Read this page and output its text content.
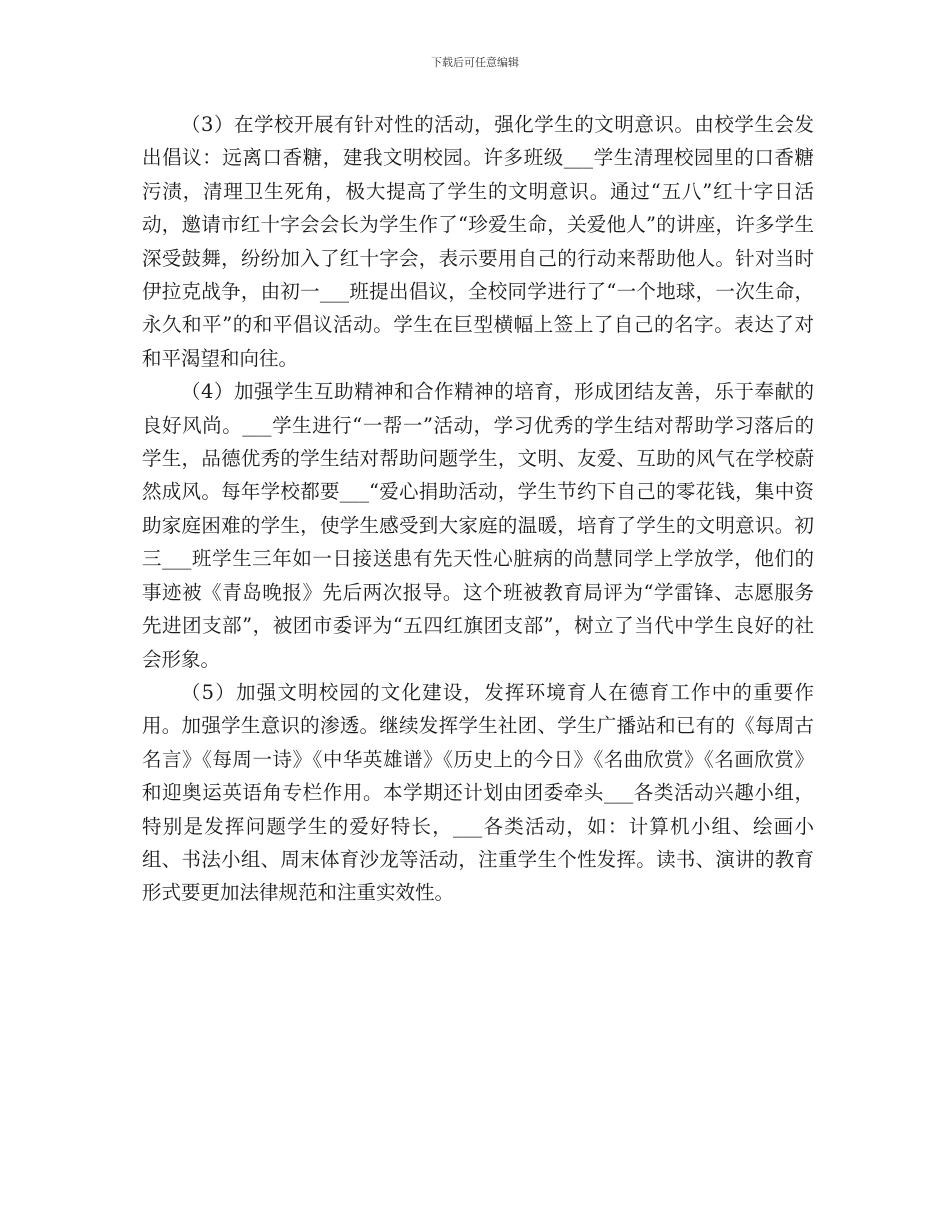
下载后可任意编辑

（3）在学校开展有针对性的活动，强化学生的文明意识。由校学生会发出倡议：远离口香糖，建我文明校园。许多班级___学生清理校园里的口香糖污渍，清理卫生死角，极大提高了学生的文明意识。通过“五八”红十字日活动，邀请市红十字会会长为学生作了“珍爱生命，关爱他人”的讲座，许多学生深受鼓舞，纷纷加入了红十字会，表示要用自己的行动来帮助他人。针对当时伊拉克战争，由初一___班提出倡议，全校同学进行了“一个地球，一次生命，永久和平”的和平倡议活动。学生在巨型横幅上签上了自己的名字。表达了对和平渴望和向往。

（4）加强学生互助精神和合作精神的培育，形成团结友善，乐于奉献的良好风尚。___学生进行“一帮一”活动，学习优秀的学生结对帮助学习落后的学生，品德优秀的学生结对帮助问题学生，文明、友爱、互助的风气在学校蔚然成风。每年学校都要___“爱心捐助活动，学生节约下自己的零花钱，集中资助家庭困难的学生，使学生感受到大家庭的温暖，培育了学生的文明意识。初三___班学生三年如一日接送患有先天性心脏病的尚慧同学上学放学，他们的事迹被《青岛晚报》先后两次报导。这个班被教育局评为“学雷锋、志愿服务先进团支部”，被团市委评为“五四红旗团支部”，树立了当代中学生良好的社会形象。

（5）加强文明校园的文化建设，发挥环境育人在德育工作中的重要作用。加强学生意识的渗透。继续发挥学生社团、学生广播站和已有的《每周古名言》《每周一诗》《中华英雄谱》《历史上的今日》《名曲欣赏》《名画欣赏》和迎奥运英语角专栏作用。本学期还计划由团委牵头___各类活动兴趣小组，特别是发挥问题学生的爱好特长，___各类活动，如：计算机小组、绘画小组、书法小组、周末体育沙龙等活动，注重学生个性发挥。读书、演讲的教育形式要更加法律规范和注重实效性。
